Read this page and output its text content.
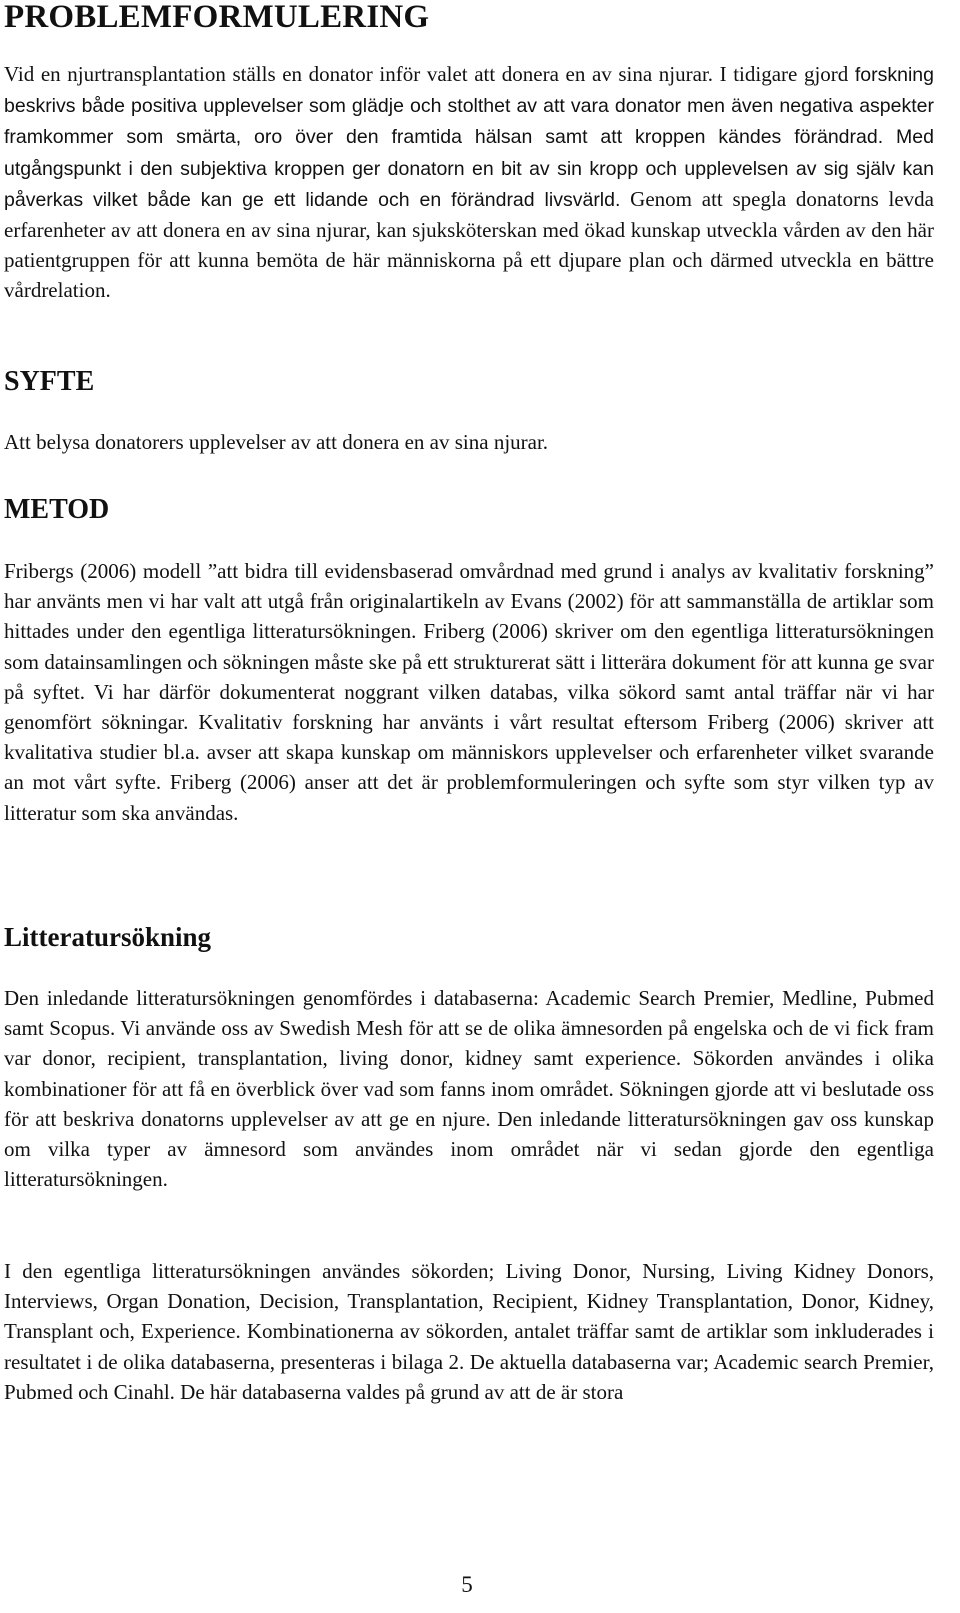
PROBLEMFORMULERING

Vid en njurtransplantation ställs en donator inför valet att donera en av sina njurar. I tidigare gjord forskning beskrivs både positiva upplevelser som glädje och stolthet av att vara donator men även negativa aspekter framkommer som smärta, oro över den framtida hälsan samt att kroppen kändes förändrad. Med utgångspunkt i den subjektiva kroppen ger donatorn en bit av sin kropp och upplevelsen av sig själv kan påverkas vilket både kan ge ett lidande och en förändrad livsvärld. Genom att spegla donatorns levda erfarenheter av att donera en av sina njurar, kan sjuksköterskan med ökad kunskap utveckla vården av den här patientgruppen för att kunna bemöta de här människorna på ett djupare plan och därmed utveckla en bättre vårdrelation.

SYFTE

Att belysa donatorers upplevelser av att donera en av sina njurar.

METOD

Fribergs (2006) modell ”att bidra till evidensbaserad omvårdnad med grund i analys av kvalitativ forskning” har använts men vi har valt att utgå från originalartikeln av Evans (2002) för att sammanställa de artiklar som hittades under den egentliga litteratursökningen. Friberg (2006) skriver om den egentliga litteratursökningen som datainsamlingen och sökningen måste ske på ett strukturerat sätt i litterära dokument för att kunna ge svar på syftet. Vi har därför dokumenterat noggrant vilken databas, vilka sökord samt antal träffar när vi har genomfört sökningar. Kvalitativ forskning har använts i vårt resultat eftersom Friberg (2006) skriver att kvalitativa studier bl.a. avser att skapa kunskap om människors upplevelser och erfarenheter vilket svarande an mot vårt syfte. Friberg (2006) anser att det är problemformuleringen och syfte som styr vilken typ av litteratur som ska användas.

Litteratursökning

Den inledande litteratursökningen genomfördes i databaserna: Academic Search Premier, Medline, Pubmed samt Scopus. Vi använde oss av Swedish Mesh för att se de olika ämnesorden på engelska och de vi fick fram var donor, recipient, transplantation, living donor, kidney samt experience. Sökorden användes i olika kombinationer för att få en överblick över vad som fanns inom området. Sökningen gjorde att vi beslutade oss för att beskriva donatorns upplevelser av att ge en njure. Den inledande litteratursökningen gav oss kunskap om vilka typer av ämnesord som användes inom området när vi sedan gjorde den egentliga litteratursökningen.

I den egentliga litteratursökningen användes sökorden; Living Donor, Nursing, Living Kidney Donors, Interviews, Organ Donation, Decision, Transplantation, Recipient, Kidney Transplantation, Donor, Kidney, Transplant och, Experience. Kombinationerna av sökorden, antalet träffar samt de artiklar som inkluderades i resultatet i de olika databaserna, presenteras i bilaga 2. De aktuella databaserna var; Academic search Premier, Pubmed och Cinahl. De här databaserna valdes på grund av att de är stora

5
